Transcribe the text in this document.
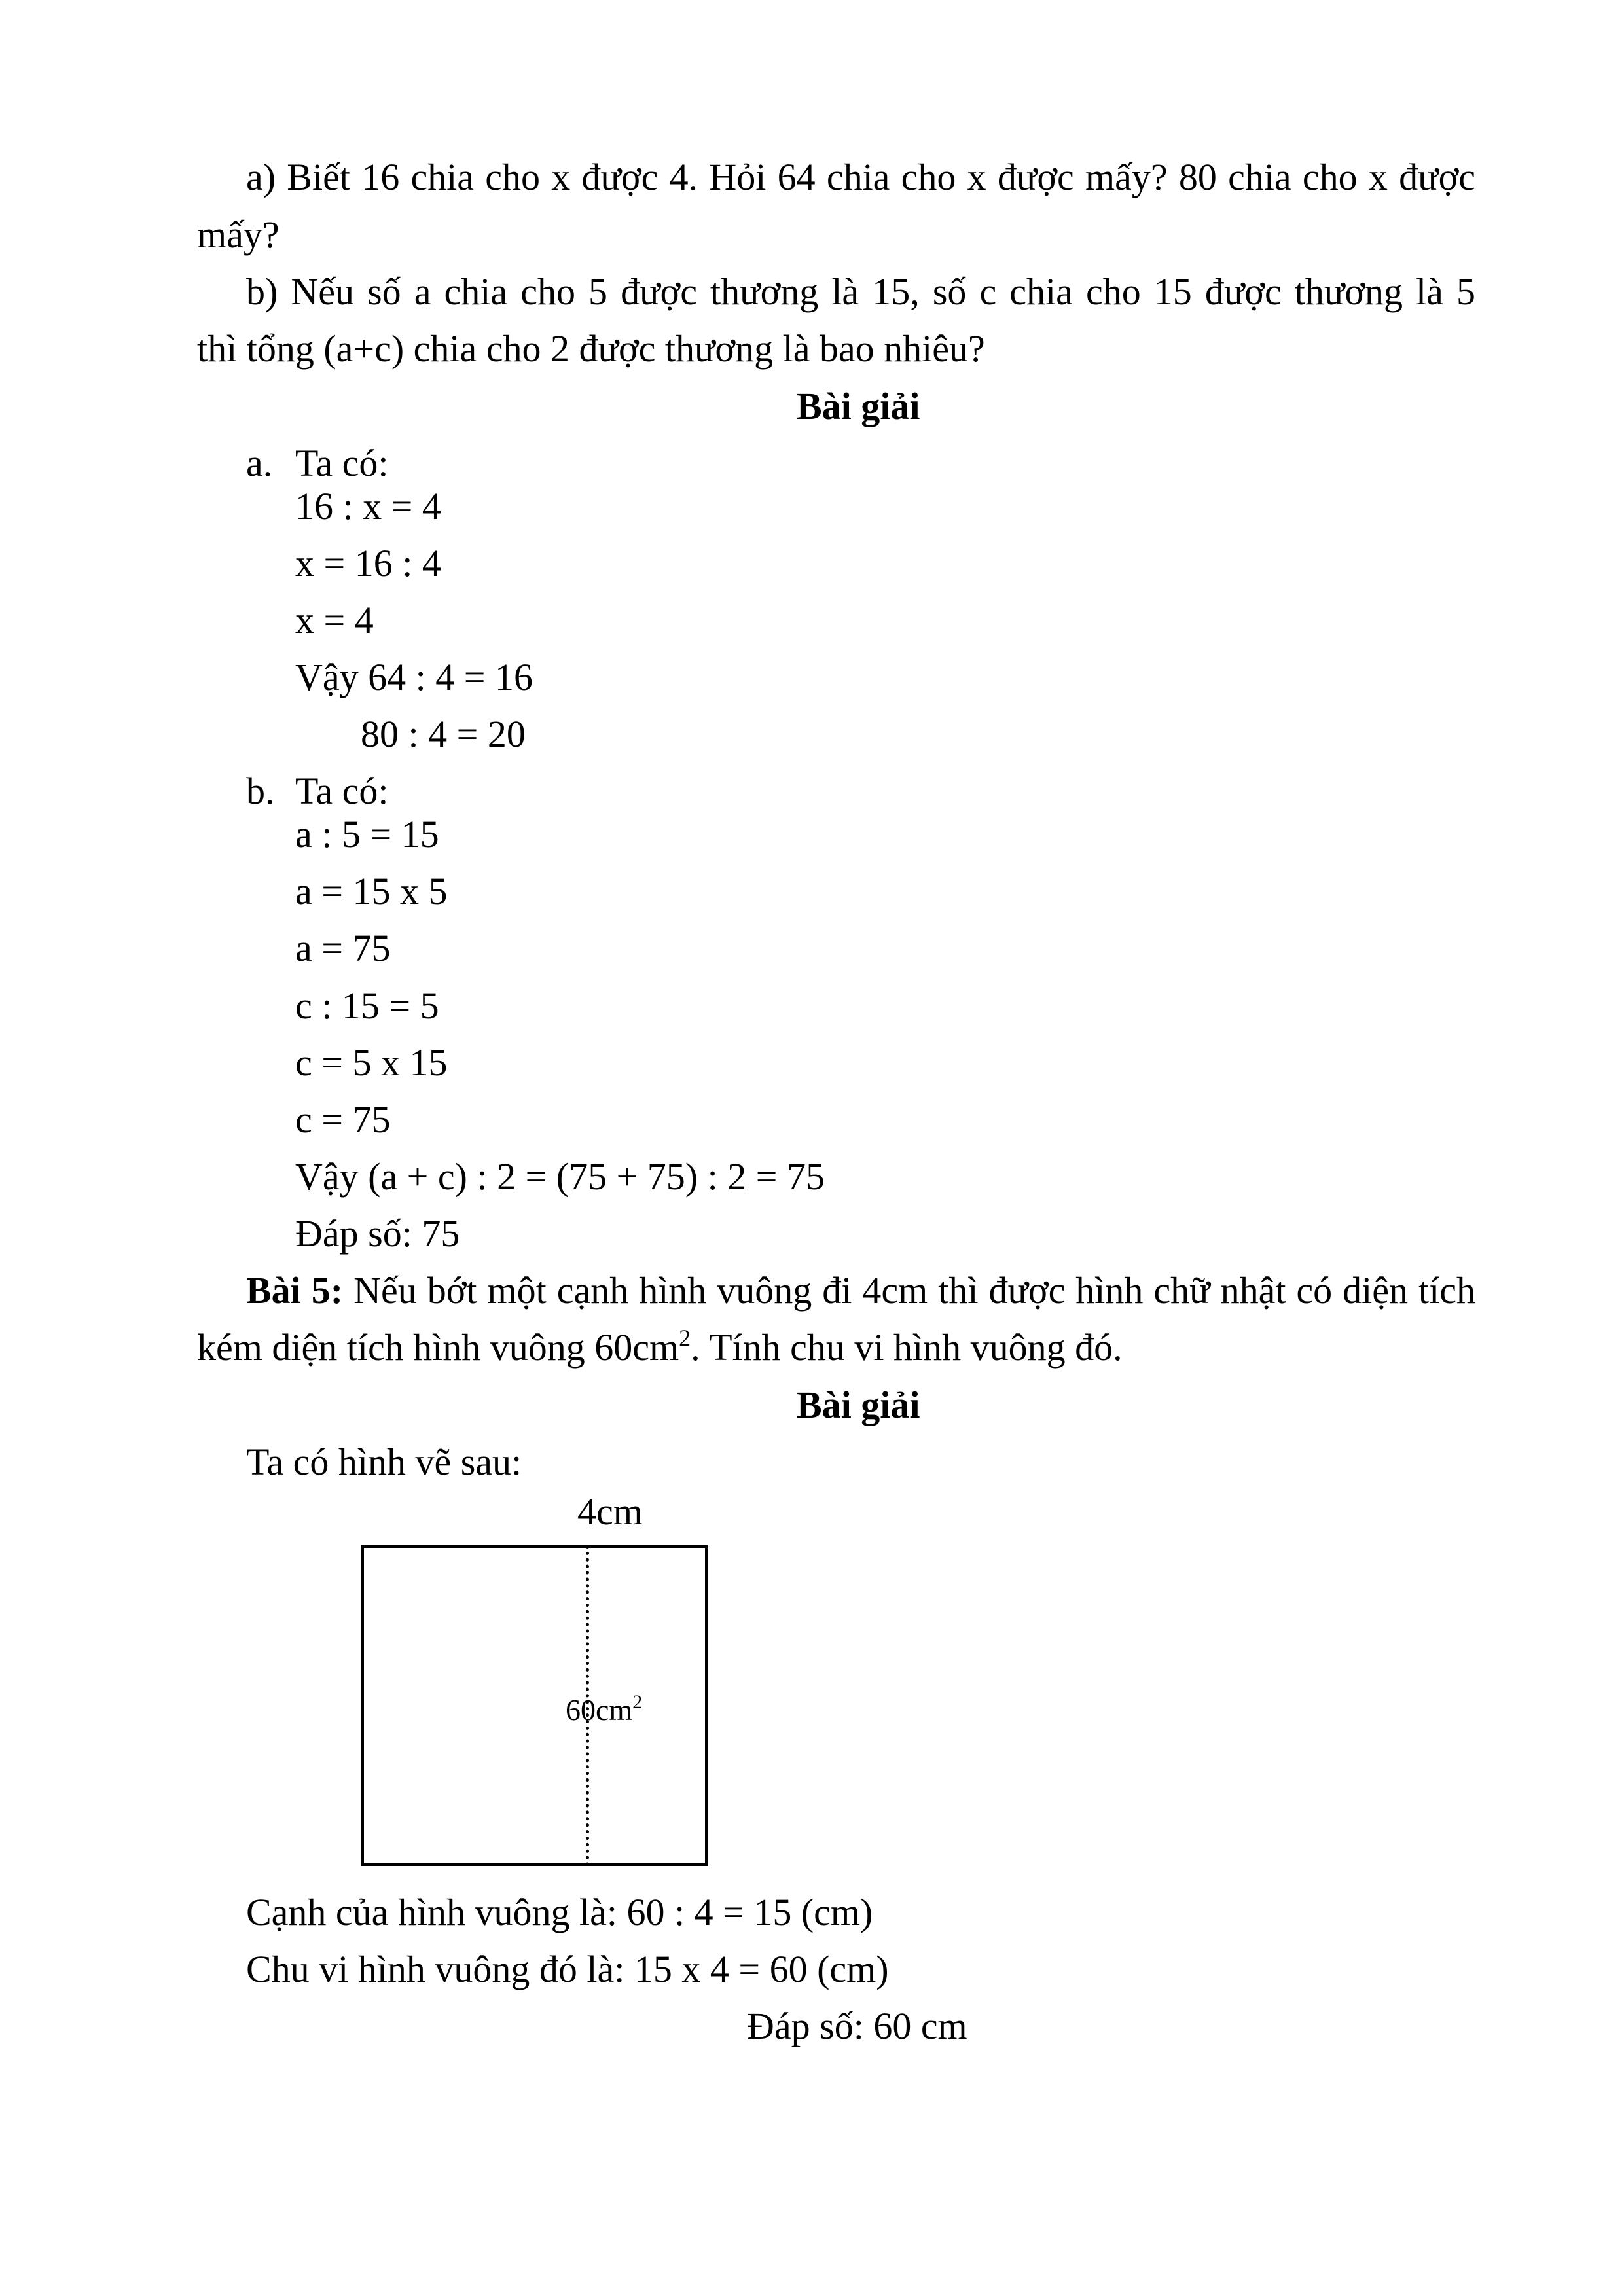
a) Biết 16 chia cho x được 4. Hỏi 64 chia cho x được mấy? 80 chia cho x được
mấy?
b) Nếu số a chia cho 5 được thương là 15, số c chia cho 15 được thương là 5
thì tổng (a+c) chia cho 2 được thương là bao nhiêu?
Bài giải
a. Ta có:
16 : x = 4
x = 16 : 4
x = 4
Vậy 64 : 4 = 16
80 : 4 = 20
b. Ta có:
a : 5 = 15
a = 15 x 5
a = 75
c : 15 = 5
c = 5 x 15
c = 75
Vậy (a + c) : 2 = (75 + 75) : 2 = 75
Đáp số: 75
Bài 5: Nếu bớt một cạnh hình vuông đi 4cm thì được hình chữ nhật có diện tích
kém diện tích hình vuông $60cm^2$. Tính chu vi hình vuông đó.
Bài giải
Ta có hình vẽ sau:
4cm
$60cm^2$
Cạnh của hình vuông là: 60 : 4 = 15 (cm)
Chu vi hình vuông đó là: 15 x 4 = 60 (cm)
Đáp số: 60 cm
